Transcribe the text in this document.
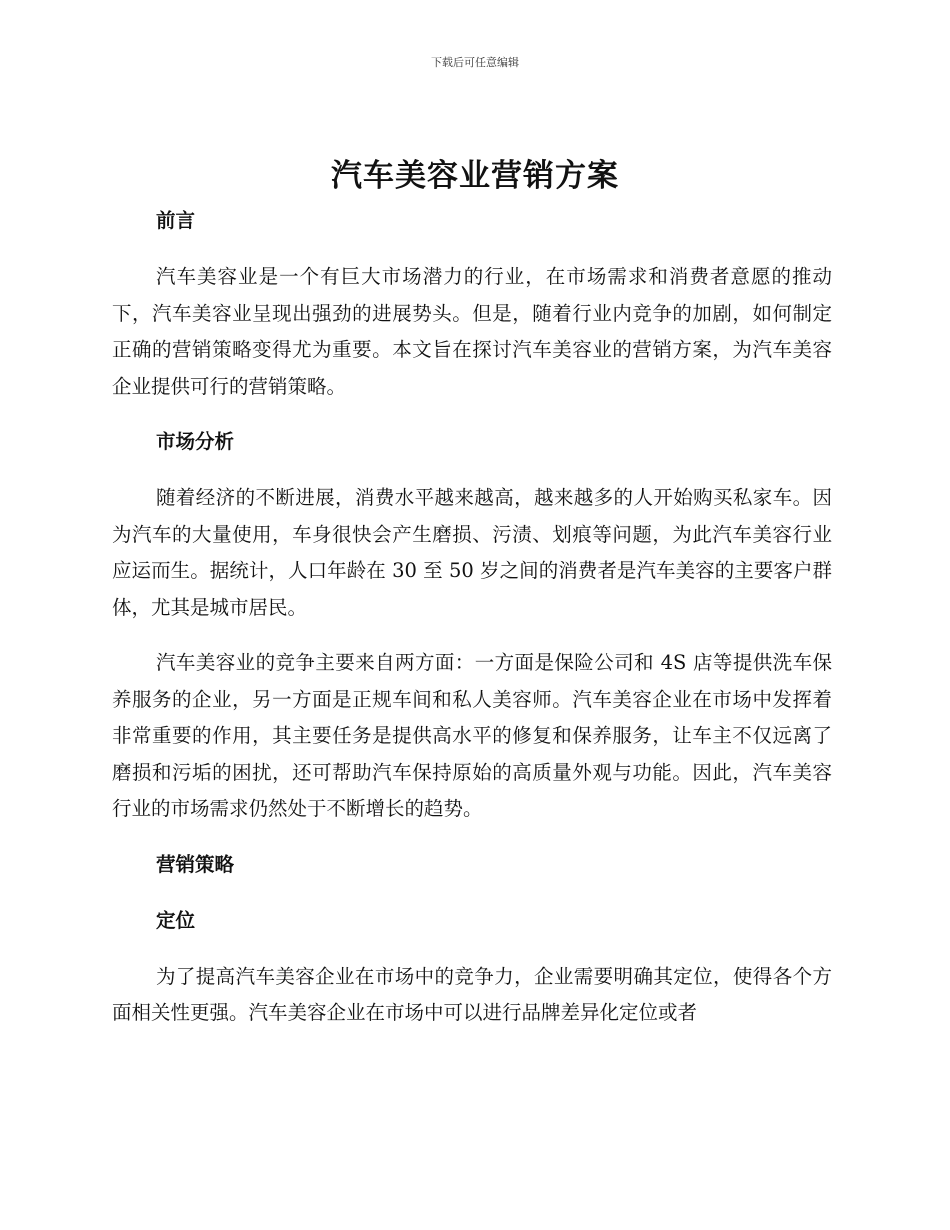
下载后可任意编辑
汽车美容业营销方案
前言

汽车美容业是一个有巨大市场潜力的行业，在市场需求和消费者意愿的推动下，汽车美容业呈现出强劲的进展势头。但是，随着行业内竞争的加剧，如何制定正确的营销策略变得尤为重要。本文旨在探讨汽车美容业的营销方案，为汽车美容企业提供可行的营销策略。

市场分析

随着经济的不断进展，消费水平越来越高，越来越多的人开始购买私家车。因为汽车的大量使用，车身很快会产生磨损、污渍、划痕等问题，为此汽车美容行业应运而生。据统计，人口年龄在 30 至 50 岁之间的消费者是汽车美容的主要客户群体，尤其是城市居民。

汽车美容业的竞争主要来自两方面：一方面是保险公司和 4S 店等提供洗车保养服务的企业，另一方面是正规车间和私人美容师。汽车美容企业在市场中发挥着非常重要的作用，其主要任务是提供高水平的修复和保养服务，让车主不仅远离了磨损和污垢的困扰，还可帮助汽车保持原始的高质量外观与功能。因此，汽车美容行业的市场需求仍然处于不断增长的趋势。

营销策略
定位

为了提高汽车美容企业在市场中的竞争力，企业需要明确其定位，使得各个方面相关性更强。汽车美容企业在市场中可以进行品牌差异化定位或者
